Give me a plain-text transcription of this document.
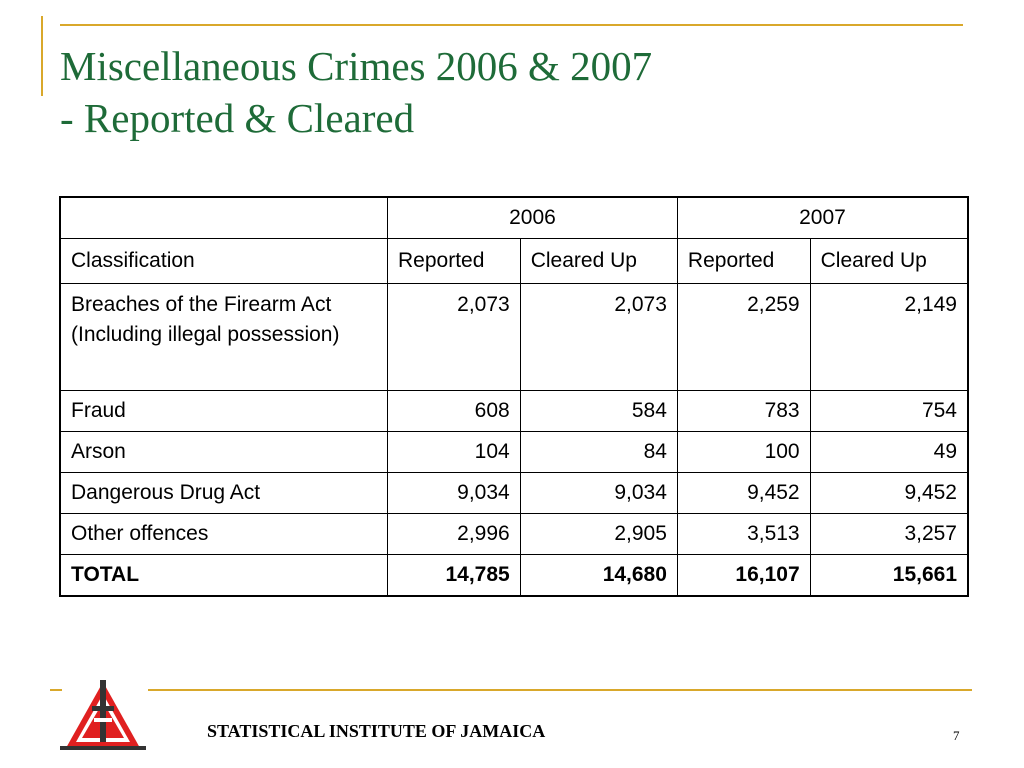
Miscellaneous Crimes 2006 & 2007
- Reported & Cleared
	2006		2007	
Classification	Reported	Cleared Up	Reported	Cleared Up
Breaches of the Firearm Act (Including illegal possession)	2,073	2,073	2,259	2,149
Fraud	608	584	783	754
Arson	104	84	100	49
Dangerous Drug Act	9,034	9,034	9,452	9,452
Other offences	2,996	2,905	3,513	3,257
TOTAL	14,785	14,680	16,107	15,661
STATISTICAL INSTITUTE OF JAMAICA	7
